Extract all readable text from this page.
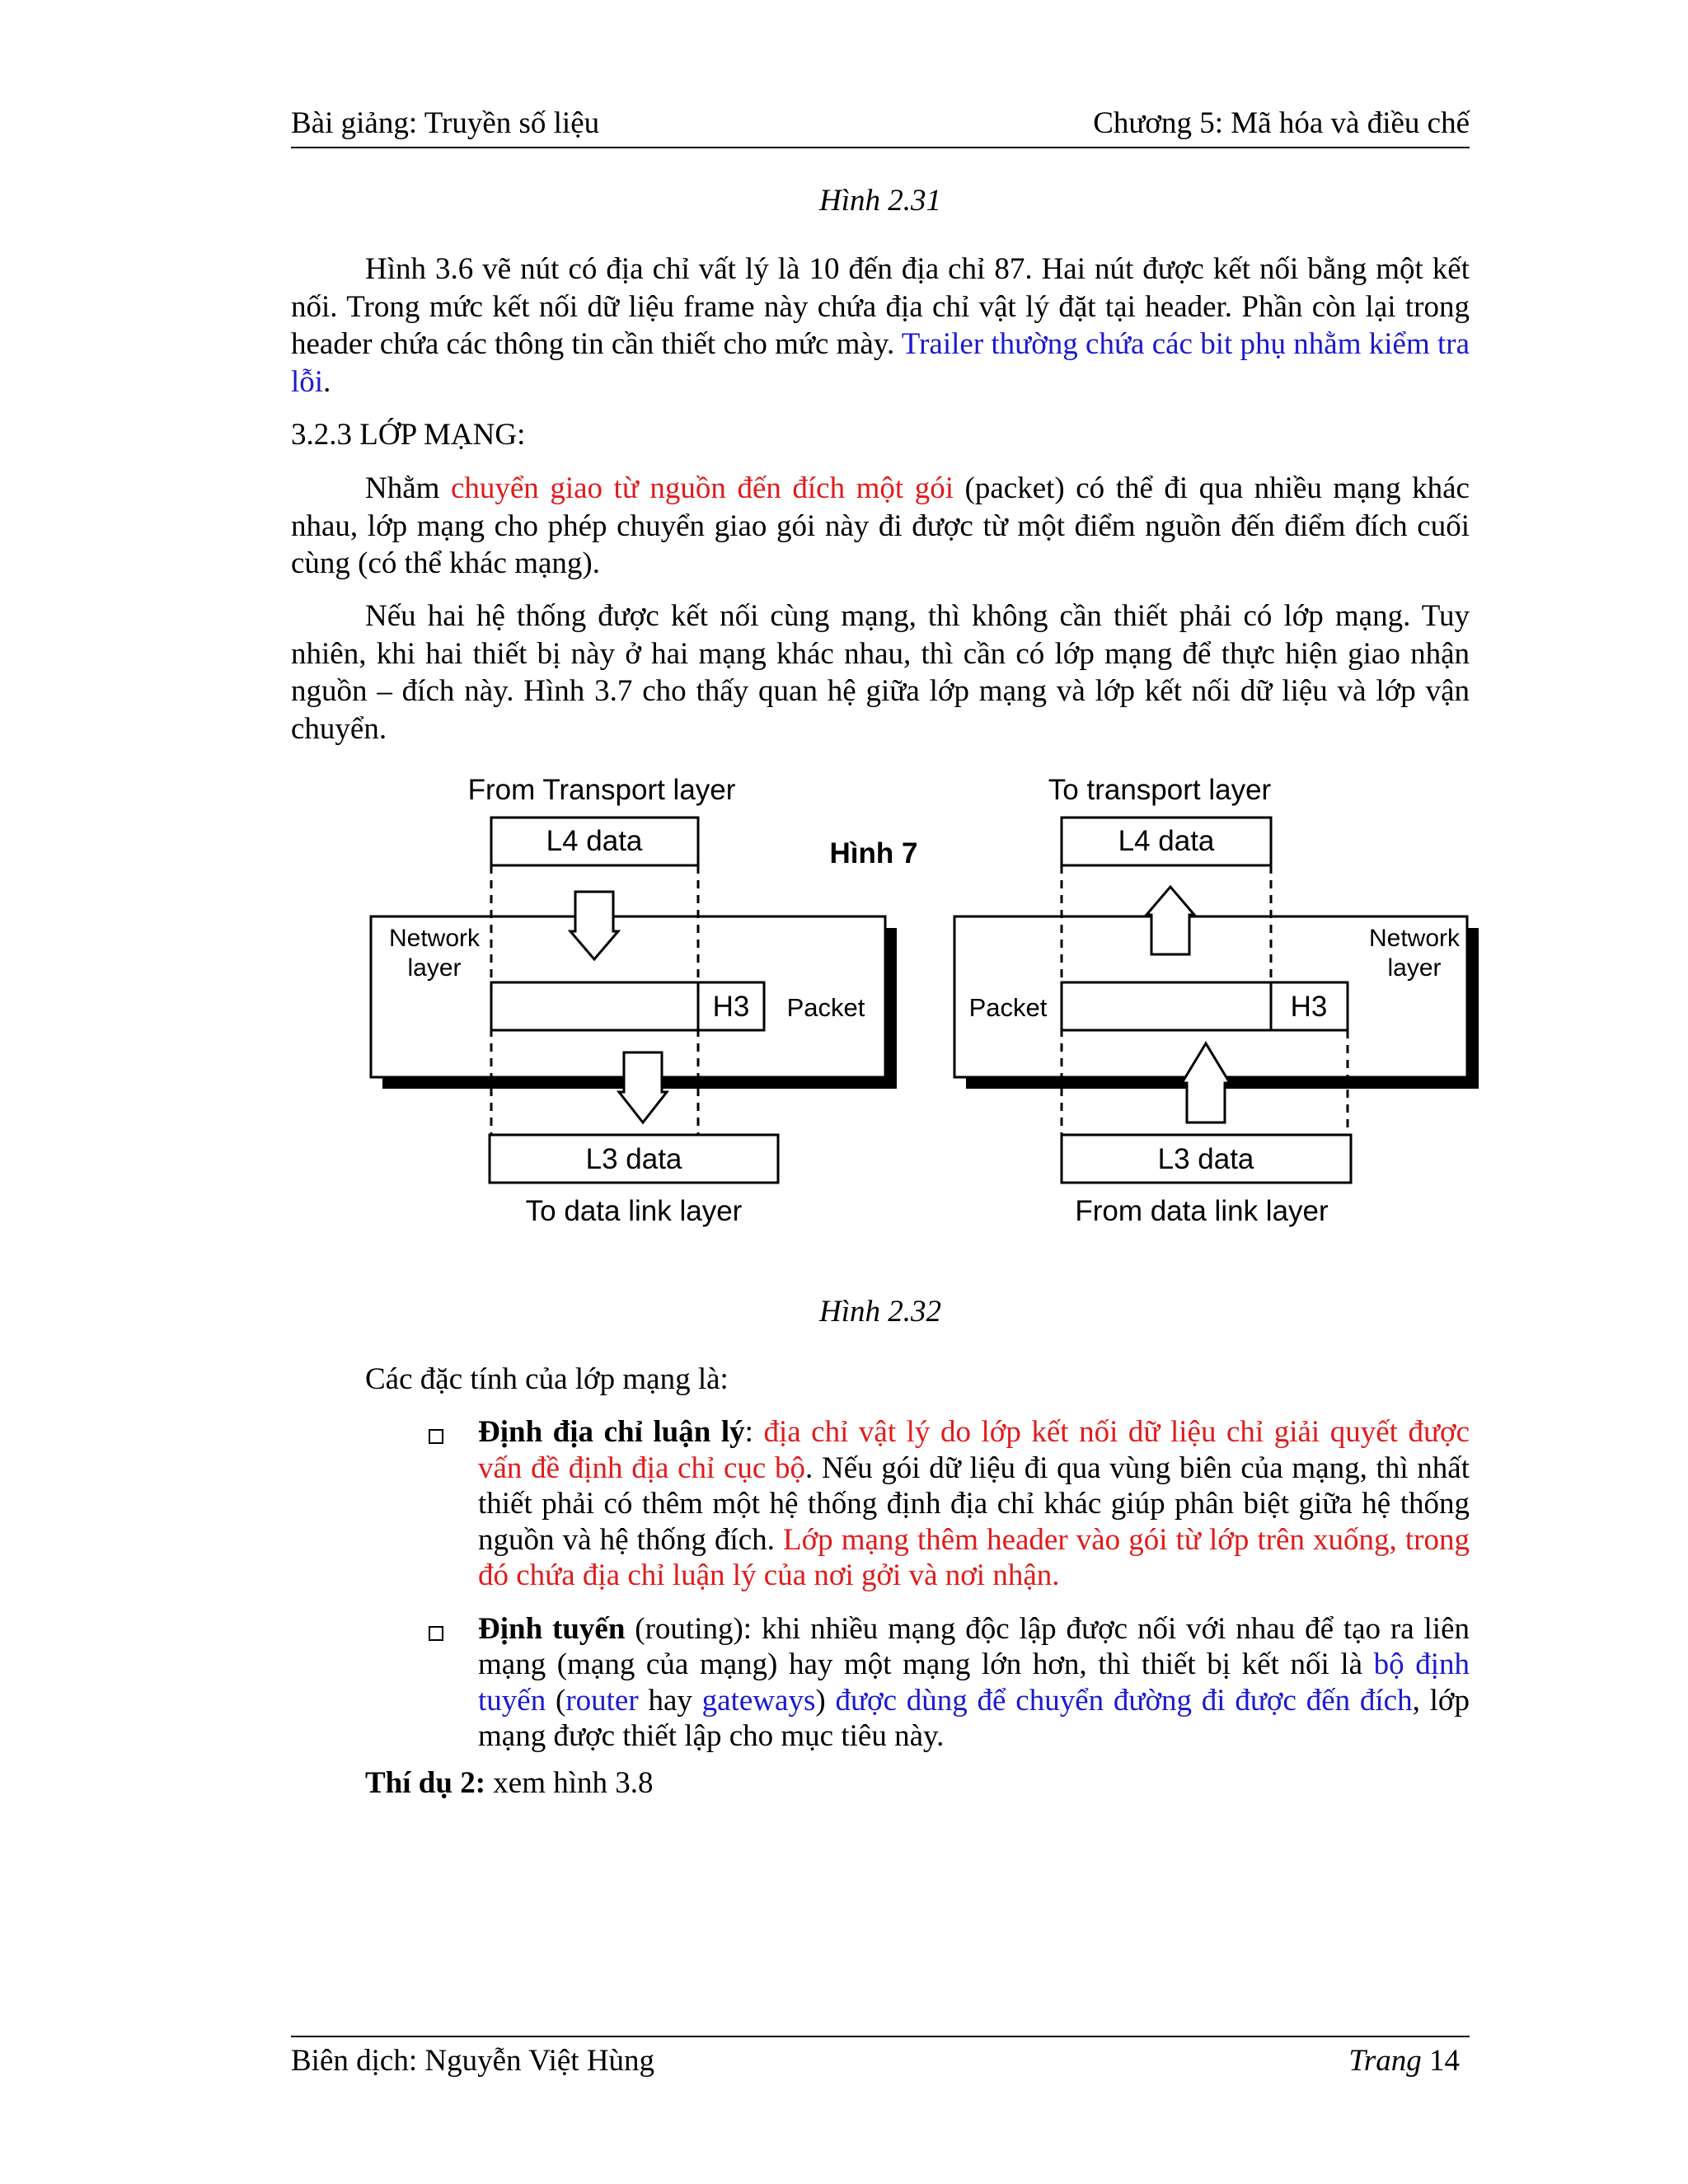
Bài giảng: Truyền số liệu	Chương 5: Mã hóa và điều chế
Hình 2.31

Hình 3.6 vẽ nút có địa chỉ vất lý là 10 đến địa chỉ 87. Hai nút được kết nối bằng một kết nối. Trong mức kết nối dữ liệu frame này chứa địa chỉ vật lý đặt tại header. Phần còn lại trong header chứa các thông tin cần thiết cho mức mày. Trailer thường chứa các bit phụ nhằm kiểm tra lỗi.

3.2.3 LỚP MẠNG:

Nhằm chuyển giao từ nguồn đến đích một gói (packet) có thể đi qua nhiều mạng khác nhau, lớp mạng cho phép chuyển giao gói này đi được từ một điểm nguồn đến điểm đích cuối cùng (có thể khác mạng).

Nếu hai hệ thống được kết nối cùng mạng, thì không cần thiết phải có lớp mạng. Tuy nhiên, khi hai thiết bị này ở hai mạng khác nhau, thì cần có lớp mạng để thực hiện giao nhận nguồn – đích này. Hình 3.7 cho thấy quan hệ giữa lớp mạng và lớp kết nối dữ liệu và lớp vận chuyển.

Hình 7
From Transport layer
L4 data
Network
layer
H3 Packet
L3 data
To data link layer
To transport layer
L4 data
Network
layer
Packet	H3
L3 data
From data link layer
Hình 2.32
Các đặc tính của lớp mạng là:

Định địa chỉ luận lý: địa chỉ vật lý do lớp kết nối dữ liệu chỉ giải quyết được vấn đề định địa chỉ cục bộ. Nếu gói dữ liệu đi qua vùng biên của mạng, thì nhất thiết phải có thêm một hệ thống định địa chỉ khác giúp phân biệt giữa hệ thống nguồn và hệ thống đích. Lớp mạng thêm header vào gói từ lớp trên xuống, trong đó chứa địa chỉ luận lý của nơi gởi và nơi nhận.

Định tuyến (routing): khi nhiều mạng độc lập được nối với nhau để tạo ra liên mạng (mạng của mạng) hay một mạng lớn hơn, thì thiết bị kết nối là bộ định tuyến (router hay gateways) được dùng để chuyển đường đi được đến đích, lớp mạng được thiết lập cho mục tiêu này.

Thí dụ 2: xem hình 3.8
Biên dịch: Nguyễn Việt Hùng	Trang 14
